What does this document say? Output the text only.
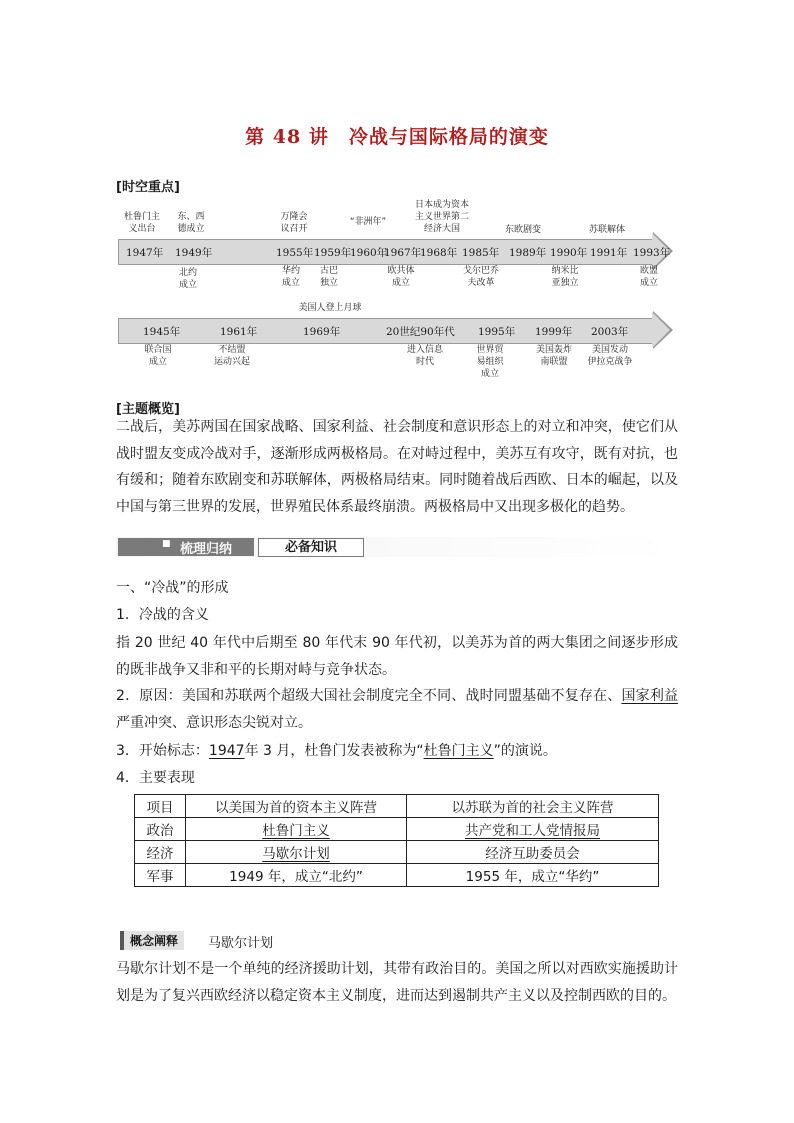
第 48 讲　冷战与国际格局的演变
[时空重点]
1947年 1949年	1955年 1959年
1960年
1967年
1968年 1985年 1989年 1990年 1991年 1993年
杜鲁门主
义出台
东、西
德成立
万隆会
议召开
“非洲年”
日本成为资本
主义世界第二
经济大国	东欧剧变	苏联解体
北约
成立
华约
成立
古巴
独立
欧共体
成立
戈尔巴乔
夫改革
纳米比
亚独立
欧盟
成立
美国人登上月球
1945年	1961年	1969年	20世纪90年代 1995年 1999年 2003年
联合国
成立
不结盟
运动兴起
进入信息
时代
世界贸
易组织
成立
美国轰炸
南联盟
美国发动
伊拉克战争
[主题概览]
二战后，美苏两国在国家战略、国家利益、社会制度和意识形态上的对立和冲突，使它们从战时盟友变成冷战对手，逐渐形成两极格局。在对峙过程中，美苏互有攻守，既有对抗，也有缓和；随着东欧剧变和苏联解体，两极格局结束。同时随着战后西欧、日本的崛起，以及中国与第三世界的发展，世界殖民体系最终崩溃。两极格局中又出现多极化的趋势。
■ 梳理归纳	必备知识
一、“冷战”的形成
1．冷战的含义
指 20 世纪 40 年代中后期至 80 年代末 90 年代初，以美苏为首的两大集团之间逐步形成的既非战争又非和平的长期对峙与竞争状态。
2．原因：美国和苏联两个超级大国社会制度完全不同、战时同盟基础不复存在、国家利益严重冲突、意识形态尖锐对立。
3．开始标志：1947年 3 月，杜鲁门发表被称为“杜鲁门主义”的演说。
4．主要表现
项目	以美国为首的资本主义阵营	以苏联为首的社会主义阵营
政治	杜鲁门主义	共产党和工人党情报局
经济	马歇尔计划	经济互助委员会
军事	1949 年，成立“北约”	1955 年，成立“华约”
概念阐释	马歇尔计划
马歇尔计划不是一个单纯的经济援助计划，其带有政治目的。美国之所以对西欧实施援助计划是为了复兴西欧经济以稳定资本主义制度，进而达到遏制共产主义以及控制西欧的目的。
